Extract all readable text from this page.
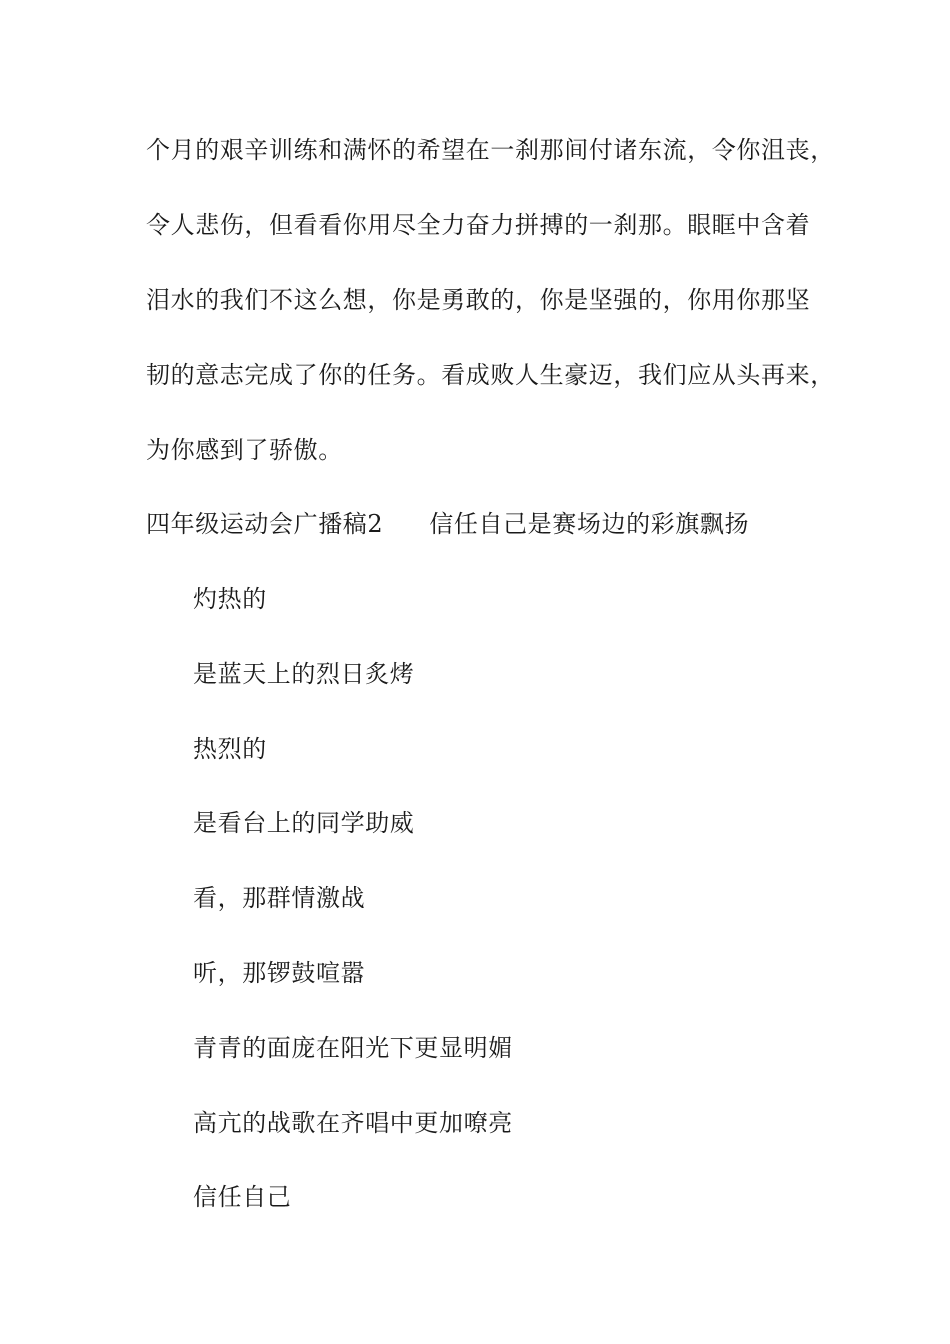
个月的艰辛训练和满怀的希望在一刹那间付诸东流，令你沮丧，
令人悲伤，但看看你用尽全力奋力拼搏的一刹那。眼眶中含着
泪水的我们不这么想，你是勇敢的，你是坚强的，你用你那坚
韧的意志完成了你的任务。看成败人生豪迈，我们应从头再来，
为你感到了骄傲。
四年级运动会广播稿2 信任自己是赛场边的彩旗飘扬
灼热的
是蓝天上的烈日炙烤
热烈的
是看台上的同学助威
看，那群情激战
听，那锣鼓喧嚣
青青的面庞在阳光下更显明媚
高亢的战歌在齐唱中更加嘹亮
信任自己
